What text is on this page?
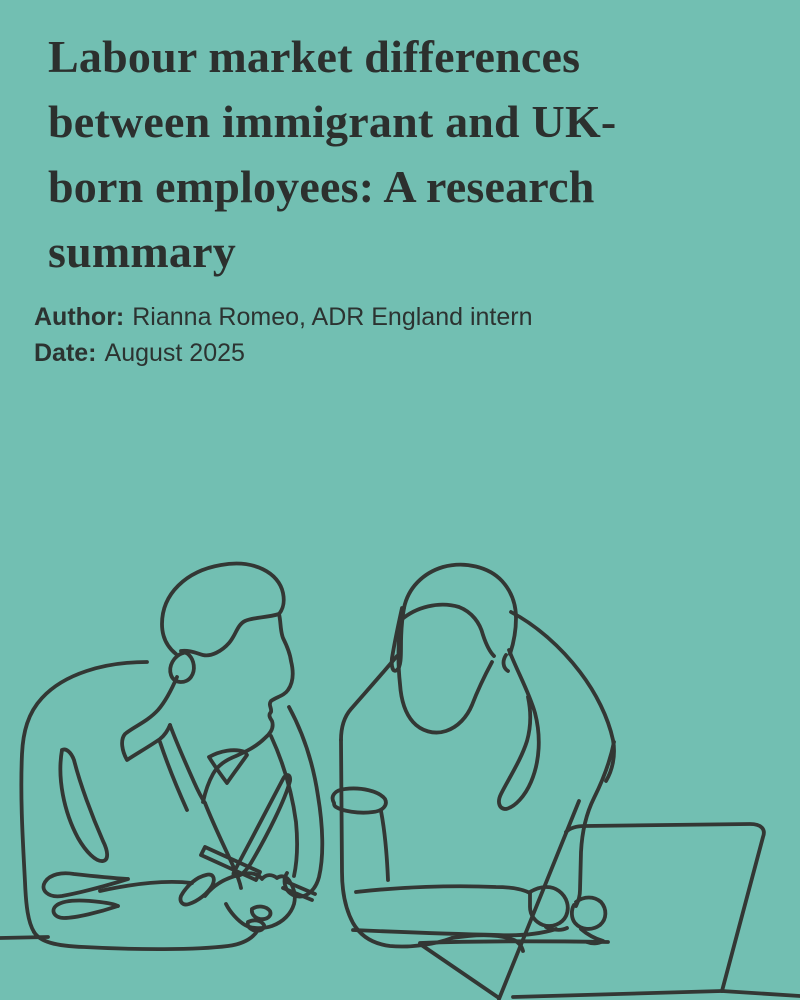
Labour market differences
between immigrant and UK-
born employees: A research
summary

Author: Rianna Romeo, ADR England intern

Date: August 2025
